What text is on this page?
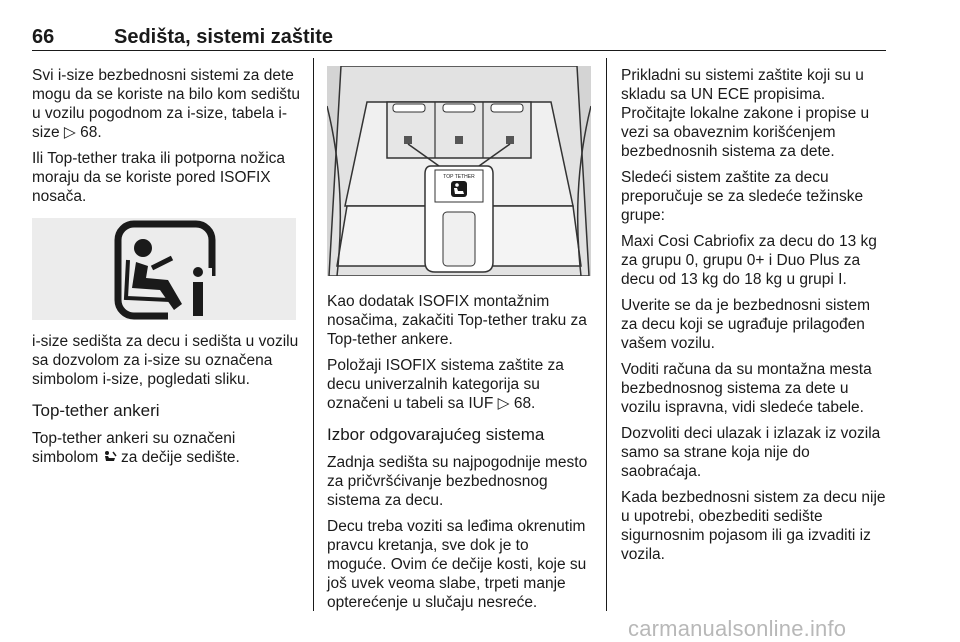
66	Sedišta, sistemi zaštite

Svi i-size bezbednosni sistemi za dete mogu da se koriste na bilo kom sedištu u vozilu pogodnom za i-size, tabela i-size ▷ 68.

Ili Top-tether traka ili potporna nožica moraju da se koriste pored ISOFIX nosača.

i-size sedišta za decu i sedišta u vozilu sa dozvolom za i-size su označena simbolom i-size, pogledati sliku.

Top-tether ankeri

Top-tether ankeri su označeni simbolom  za dečije sedište.

TOP TETHER

Kao dodatak ISOFIX montažnim nosačima, zakačiti Top-tether traku za Top-tether ankere.

Položaji ISOFIX sistema zaštite za decu univerzalnih kategorija su označeni u tabeli sa IUF ▷ 68.

Izbor odgovarajućeg sistema

Zadnja sedišta su najpogodnije mesto za pričvršćivanje bezbednosnog sistema za decu.

Decu treba voziti sa leđima okrenutim pravcu kretanja, sve dok je to moguće. Ovim će dečije kosti, koje su još uvek veoma slabe, trpeti manje opterećenje u slučaju nesreće.

Prikladni su sistemi zaštite koji su u skladu sa UN ECE propisima. Pročitajte lokalne zakone i propise u vezi sa obaveznim korišćenjem bezbednosnih sistema za dete.

Sledeći sistem zaštite za decu preporučuje se za sledeće težinske grupe:

Maxi Cosi Cabriofix za decu do 13 kg za grupu 0, grupu 0+ i Duo Plus za decu od 13 kg do 18 kg u grupi I.

Uverite se da je bezbednosni sistem za decu koji se ugrađuje prilagođen vašem vozilu.

Voditi računa da su montažna mesta bezbednosnog sistema za dete u vozilu ispravna, vidi sledeće tabele.

Dozvoliti deci ulazak i izlazak iz vozila samo sa strane koja nije do saobraćaja.

Kada bezbednosni sistem za decu nije u upotrebi, obezbediti sedište sigurnosnim pojasom ili ga izvaditi iz vozila.

carmanualsonline.info
